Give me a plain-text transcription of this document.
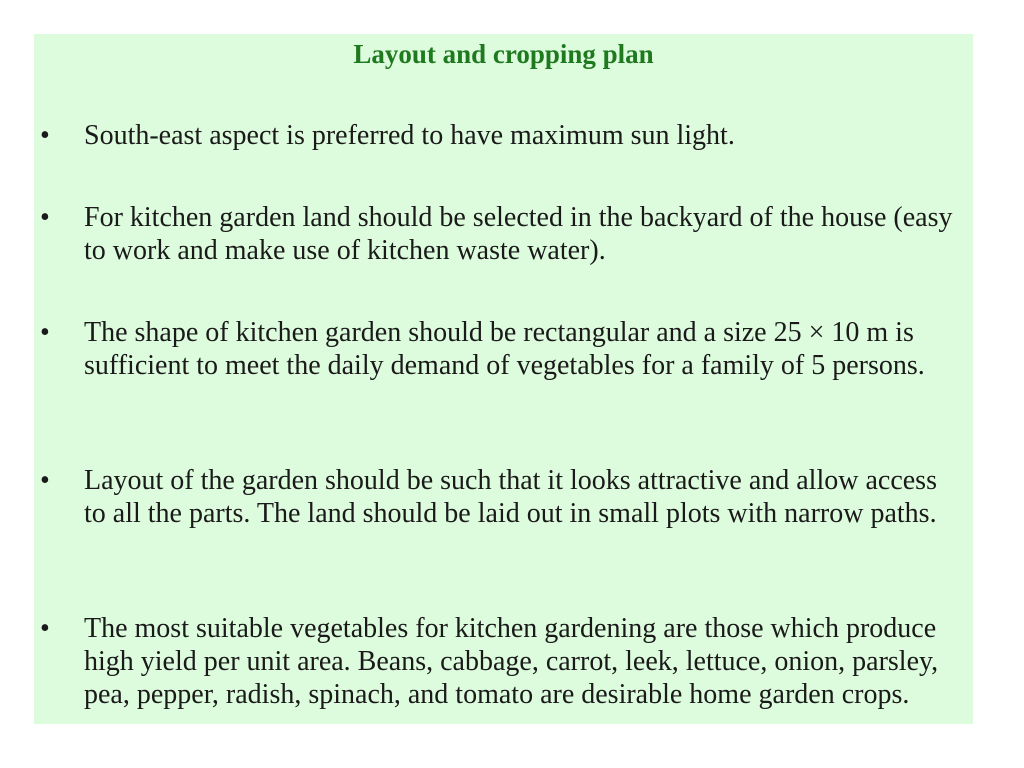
Layout and cropping plan
•	South-east aspect is preferred to have maximum sun light.
•	For kitchen garden land should be selected in the backyard of the house (easy to work and make use of kitchen waste water).
•	The shape of kitchen garden should be rectangular and a size 25 × 10 m is sufficient to meet the daily demand of vegetables for a family of 5 persons.
•	Layout of the garden should be such that it looks attractive and allow access to all the parts. The land should be laid out in small plots with narrow paths.
•	The most suitable vegetables for kitchen gardening are those which produce high yield per unit area. Beans, cabbage, carrot, leek, lettuce, onion, parsley, pea, pepper, radish, spinach, and tomato are desirable home garden crops.
